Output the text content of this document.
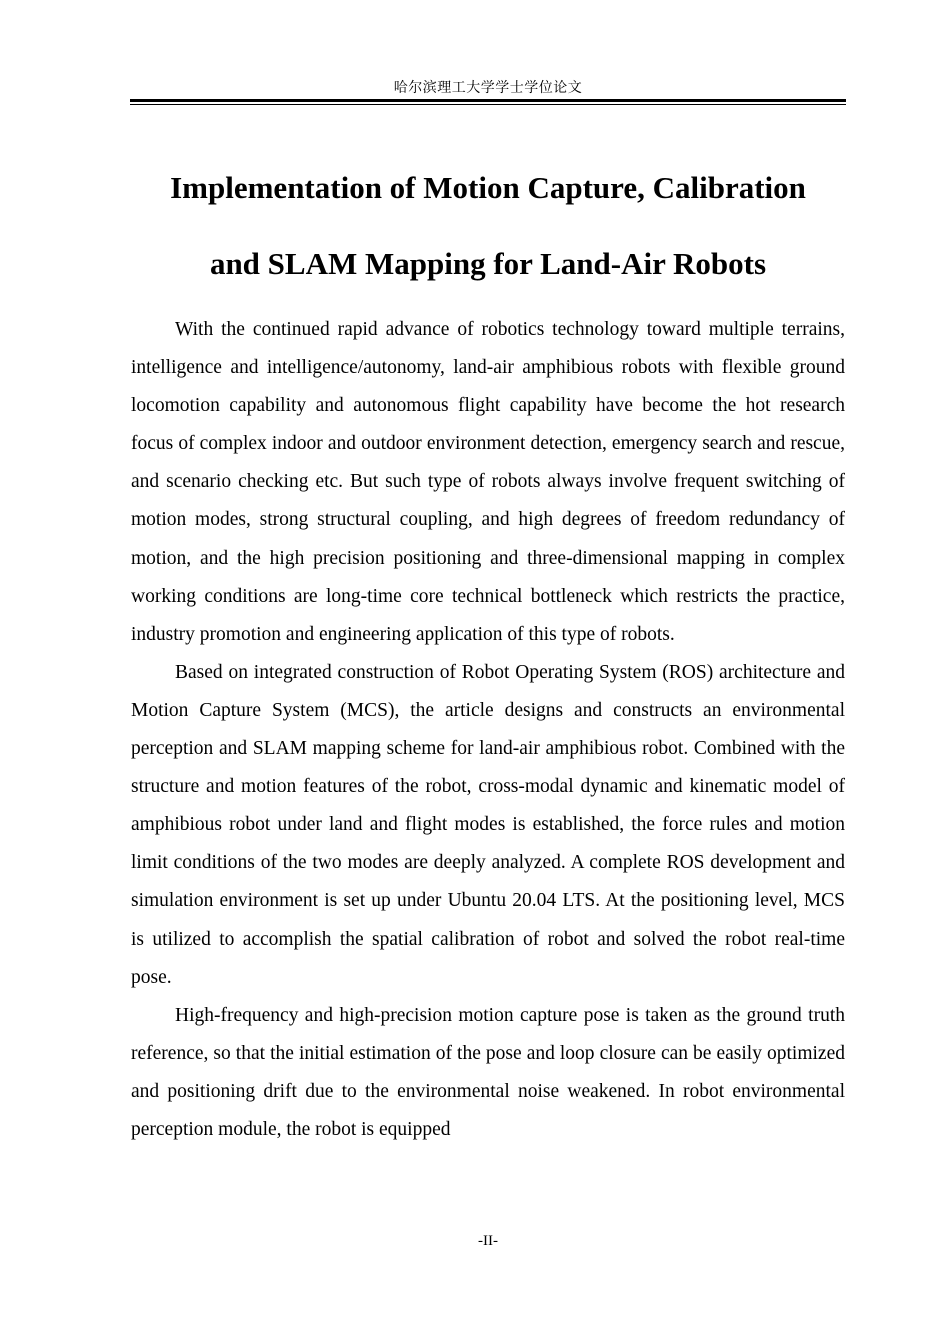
哈尔滨理工大学学士学位论文
Implementation of Motion Capture, Calibration
and SLAM Mapping for Land-Air Robots

With the continued rapid advance of robotics technology toward multiple terrains, intelligence and intelligence/autonomy, land-air amphibious robots with flexible ground locomotion capability and autonomous flight capability have become the hot research focus of complex indoor and outdoor environment detection, emergency search and rescue, and scenario checking etc. But such type of robots always involve frequent switching of motion modes, strong structural coupling, and high degrees of freedom redundancy of motion, and the high precision positioning and three-dimensional mapping in complex working conditions are long-time core technical bottleneck which restricts the practice, industry promotion and engineering application of this type of robots.

Based on integrated construction of Robot Operating System (ROS) architecture and Motion Capture System (MCS), the article designs and constructs an environmental perception and SLAM mapping scheme for land-air amphibious robot. Combined with the structure and motion features of the robot, cross-modal dynamic and kinematic model of amphibious robot under land and flight modes is established, the force rules and motion limit conditions of the two modes are deeply analyzed. A complete ROS development and simulation environment is set up under Ubuntu 20.04 LTS. At the positioning level, MCS is utilized to accomplish the spatial calibration of robot and solved the robot real-time pose.

High-frequency and high-precision motion capture pose is taken as the ground truth reference, so that the initial estimation of the pose and loop closure can be easily optimized and positioning drift due to the environmental noise weakened. In robot environmental perception module, the robot is equipped

-II-
